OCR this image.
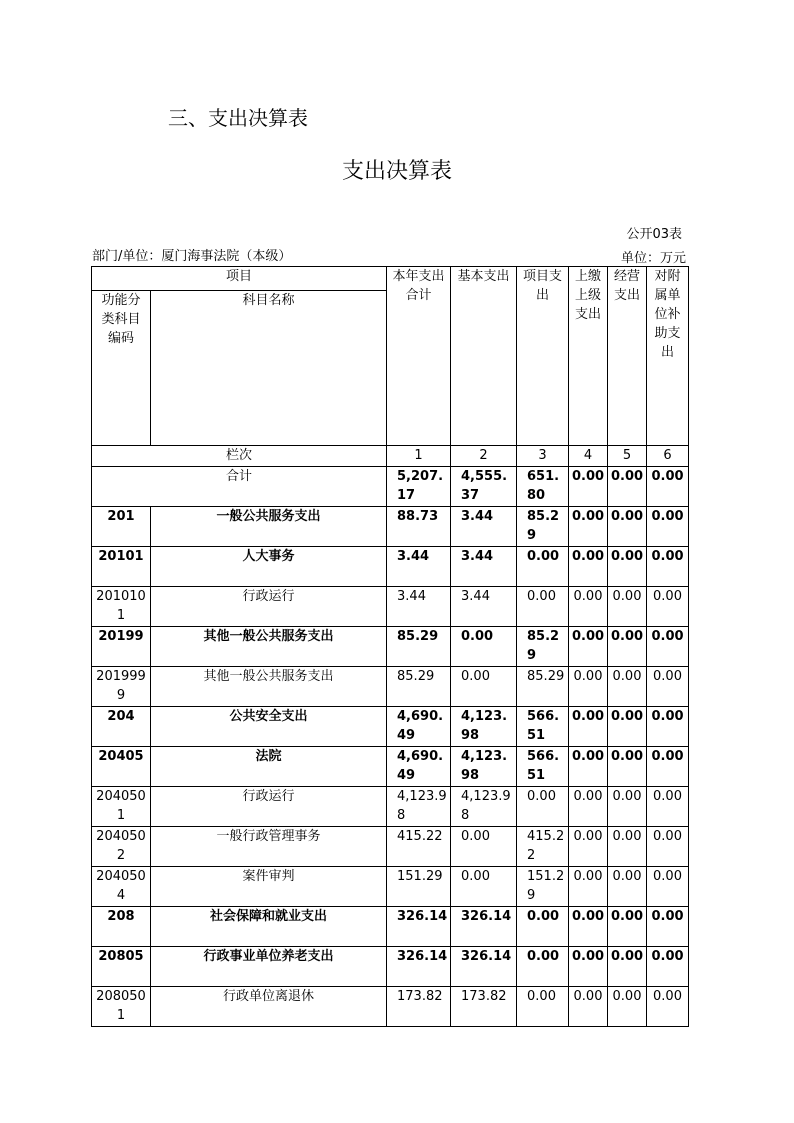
三、支出决算表
支出决算表
公开03表
部门/单位：厦门海事法院（本级）	单位：万元
项目		本年支出合计	基本支出	项目支出	上缴上级支出	经营支出	对附属单位补助支出
功能分类科目编码	科目名称						
栏次		1	2	3	4	5	6
合计		5,207.17	4,555.37	651.80	0.00	0.00	0.00
201	一般公共服务支出	88.73	3.44	85.29	0.00	0.00	0.00
20101	人大事务	3.44	3.44	0.00	0.00	0.00	0.00
2010101	行政运行	3.44	3.44	0.00	0.00	0.00	0.00
20199	其他一般公共服务支出	85.29	0.00	85.29	0.00	0.00	0.00
2019999	其他一般公共服务支出	85.29	0.00	85.29	0.00	0.00	0.00
204	公共安全支出	4,690.49	4,123.98	566.51	0.00	0.00	0.00
20405	法院	4,690.49	4,123.98	566.51	0.00	0.00	0.00
2040501	行政运行	4,123.98	4,123.98	0.00	0.00	0.00	0.00
2040502	一般行政管理事务	415.22	0.00	415.22	0.00	0.00	0.00
2040504	案件审判	151.29	0.00	151.29	0.00	0.00	0.00
208	社会保障和就业支出	326.14	326.14	0.00	0.00	0.00	0.00
20805	行政事业单位养老支出	326.14	326.14	0.00	0.00	0.00	0.00
2080501	行政单位离退休	173.82	173.82	0.00	0.00	0.00	0.00
